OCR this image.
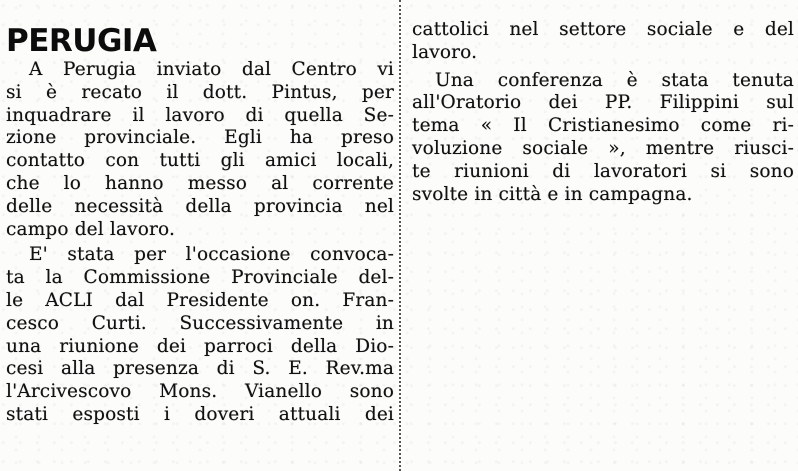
PERUGIA
A Perugia inviato dal Centro vi
si è recato il dott. Pintus, per
inquadrare il lavoro di quella Se-
zione provinciale. Egli ha preso
contatto con tutti gli amici locali,
che lo hanno messo al corrente
delle necessità della provincia nel
campo del lavoro.
E' stata per l'occasione convoca-
ta la Commissione Provinciale del-
le ACLI dal Presidente on. Fran-
cesco Curti. Successivamente in
una riunione dei parroci della Dio-
cesi alla presenza di S. E. Rev.ma
l'Arcivescovo Mons. Vianello sono
stati esposti i doveri attuali dei
cattolici nel settore sociale e del
lavoro.
Una conferenza è stata tenuta
all'Oratorio dei PP. Filippini sul
tema « Il Cristianesimo come ri-
voluzione sociale », mentre riusci-
te riunioni di lavoratori si sono
svolte in città e in campagna.
